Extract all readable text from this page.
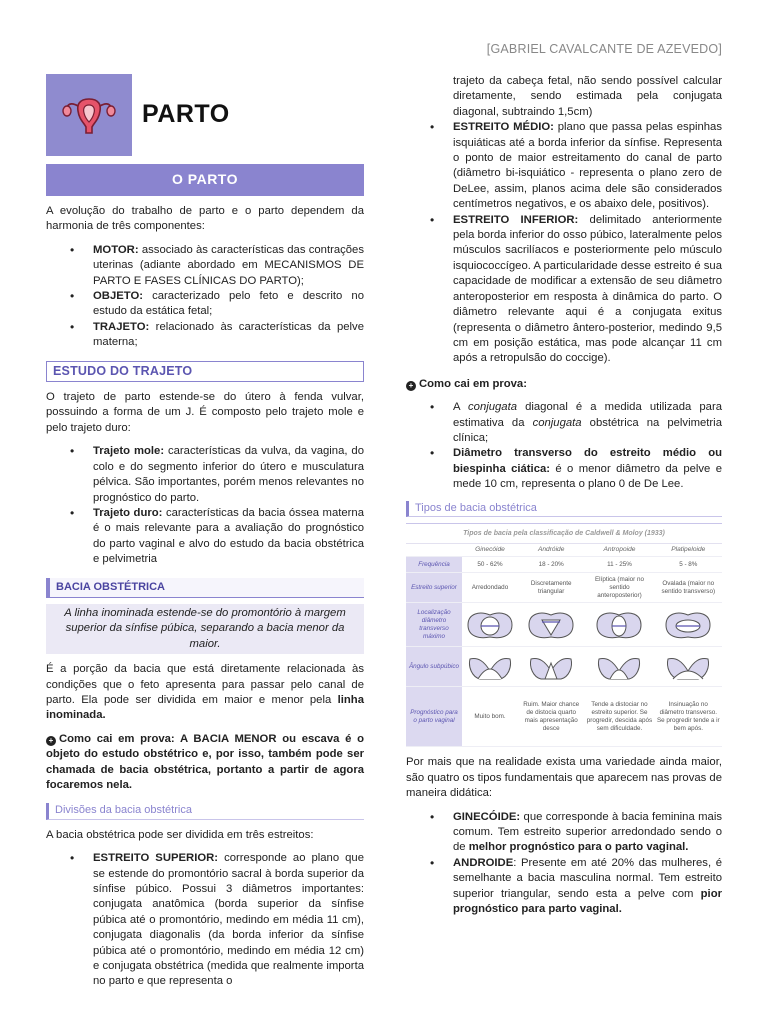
[GABRIEL CAVALCANTE DE AZEVEDO]
PARTO
O PARTO

A evolução do trabalho de parto e o parto dependem da harmonia de três componentes:

• MOTOR: associado às características das contrações uterinas (adiante abordado em MECANISMOS DE PARTO E FASES CLÍNICAS DO PARTO);
• OBJETO: caracterizado pelo feto e descrito no estudo da estática fetal;
• TRAJETO: relacionado às características da pelve materna;
ESTUDO DO TRAJETO

O trajeto de parto estende-se do útero à fenda vulvar, possuindo a forma de um J. É composto pelo trajeto mole e pelo trajeto duro:

• Trajeto mole: características da vulva, da vagina, do colo e do segmento inferior do útero e musculatura pélvica. São importantes, porém menos relevantes no prognóstico do parto.
• Trajeto duro: características da bacia óssea materna é o mais relevante para a avaliação do prognóstico do parto vaginal e alvo do estudo da bacia obstétrica e pelvimetria
BACIA OBSTÉTRICA
A linha inominada estende-se do promontório à margem superior da sínfise púbica, separando a bacia menor da maior.

É a porção da bacia que está diretamente relacionada às condições que o feto apresenta para passar pelo canal de parto. Ela pode ser dividida em maior e menor pela linha inominada.

+ Como cai em prova: A BACIA MENOR ou escava é o objeto do estudo obstétrico e, por isso, também pode ser chamada de bacia obstétrica, portanto a partir de agora focaremos nela.

Divisões da bacia obstétrica

A bacia obstétrica pode ser dividida em três estreitos:

• ESTREITO SUPERIOR: corresponde ao plano que se estende do promontório sacral à borda superior da sínfise púbico. Possui 3 diâmetros importantes: conjugata anatômica (borda superior da sínfise púbica até o promontório, medindo em média 11 cm), conjugata diagonalis (da borda inferior da sínfise púbica até o promontório, medindo em média 12 cm) e conjugata obstétrica (medida que realmente importa no parto e que representa o
trajeto da cabeça fetal, não sendo possível calcular diretamente, sendo estimada pela conjugata diagonal, subtraindo 1,5cm)
• ESTREITO MÉDIO: plano que passa pelas espinhas isquiáticas até a borda inferior da sínfise. Representa o ponto de maior estreitamento do canal de parto (diâmetro bi-isquiático - representa o plano zero de DeLee, assim, planos acima dele são considerados centímetros negativos, e os abaixo dele, positivos).
• ESTREITO INFERIOR: delimitado anteriormente pela borda inferior do osso púbico, lateralmente pelos músculos sacrilíacos e posteriormente pelo músculo isquiococcígeo. A particularidade desse estreito é sua capacidade de modificar a extensão de seu diâmetro anteroposterior em resposta à dinâmica do parto. O diâmetro relevante aqui é a conjugata exitus (representa o diâmetro ântero-posterior, medindo 9,5 cm em posição estática, mas pode alcançar 11 cm após a retropulsão do coccige).

+ Como cai em prova:

• A conjugata diagonal é a medida utilizada para estimativa da conjugata obstétrica na pelvimetria clínica;
• Diâmetro transverso do estreito médio ou biespinha ciática: é o menor diâmetro da pelve e mede 10 cm, representa o plano 0 de De Lee.
Tipos de bacia obstétrica
Tipos de bacia pela classificação de Caldwell & Moloy (1933)
	Ginecóide	Andróide	Antropoide	Platipeloide
Frequência	50 - 62%	18 - 20%	11 - 25%	5 - 8%
Estreito superior	Arredondado	Discretamente triangular	Elíptica (maior no sentido anteroposterior)	Ovalada (maior no sentido transverso)
Localização diâmetro transverso máximo	

Ângulo subpúbico	

Prognóstico para o parto vaginal	Muito bom.	Ruim. Maior chance de distocia quarto mais apresentação desce	Tende a distociar no estreito superior. Se progredir, descida após sem dificuldade.	Insinuação no diâmetro transverso. Se progredir tende a ir bem após.

Por mais que na realidade exista uma variedade ainda maior, são quatro os tipos fundamentais que aparecem nas provas de maneira didática:

• GINECÓIDE: que corresponde à bacia feminina mais comum. Tem estreito superior arredondado sendo o de melhor prognóstico para o parto vaginal.
• ANDROIDE: Presente em até 20% das mulheres, é semelhante a bacia masculina normal. Tem estreito superior triangular, sendo esta a pelve com pior prognóstico para parto vaginal.
